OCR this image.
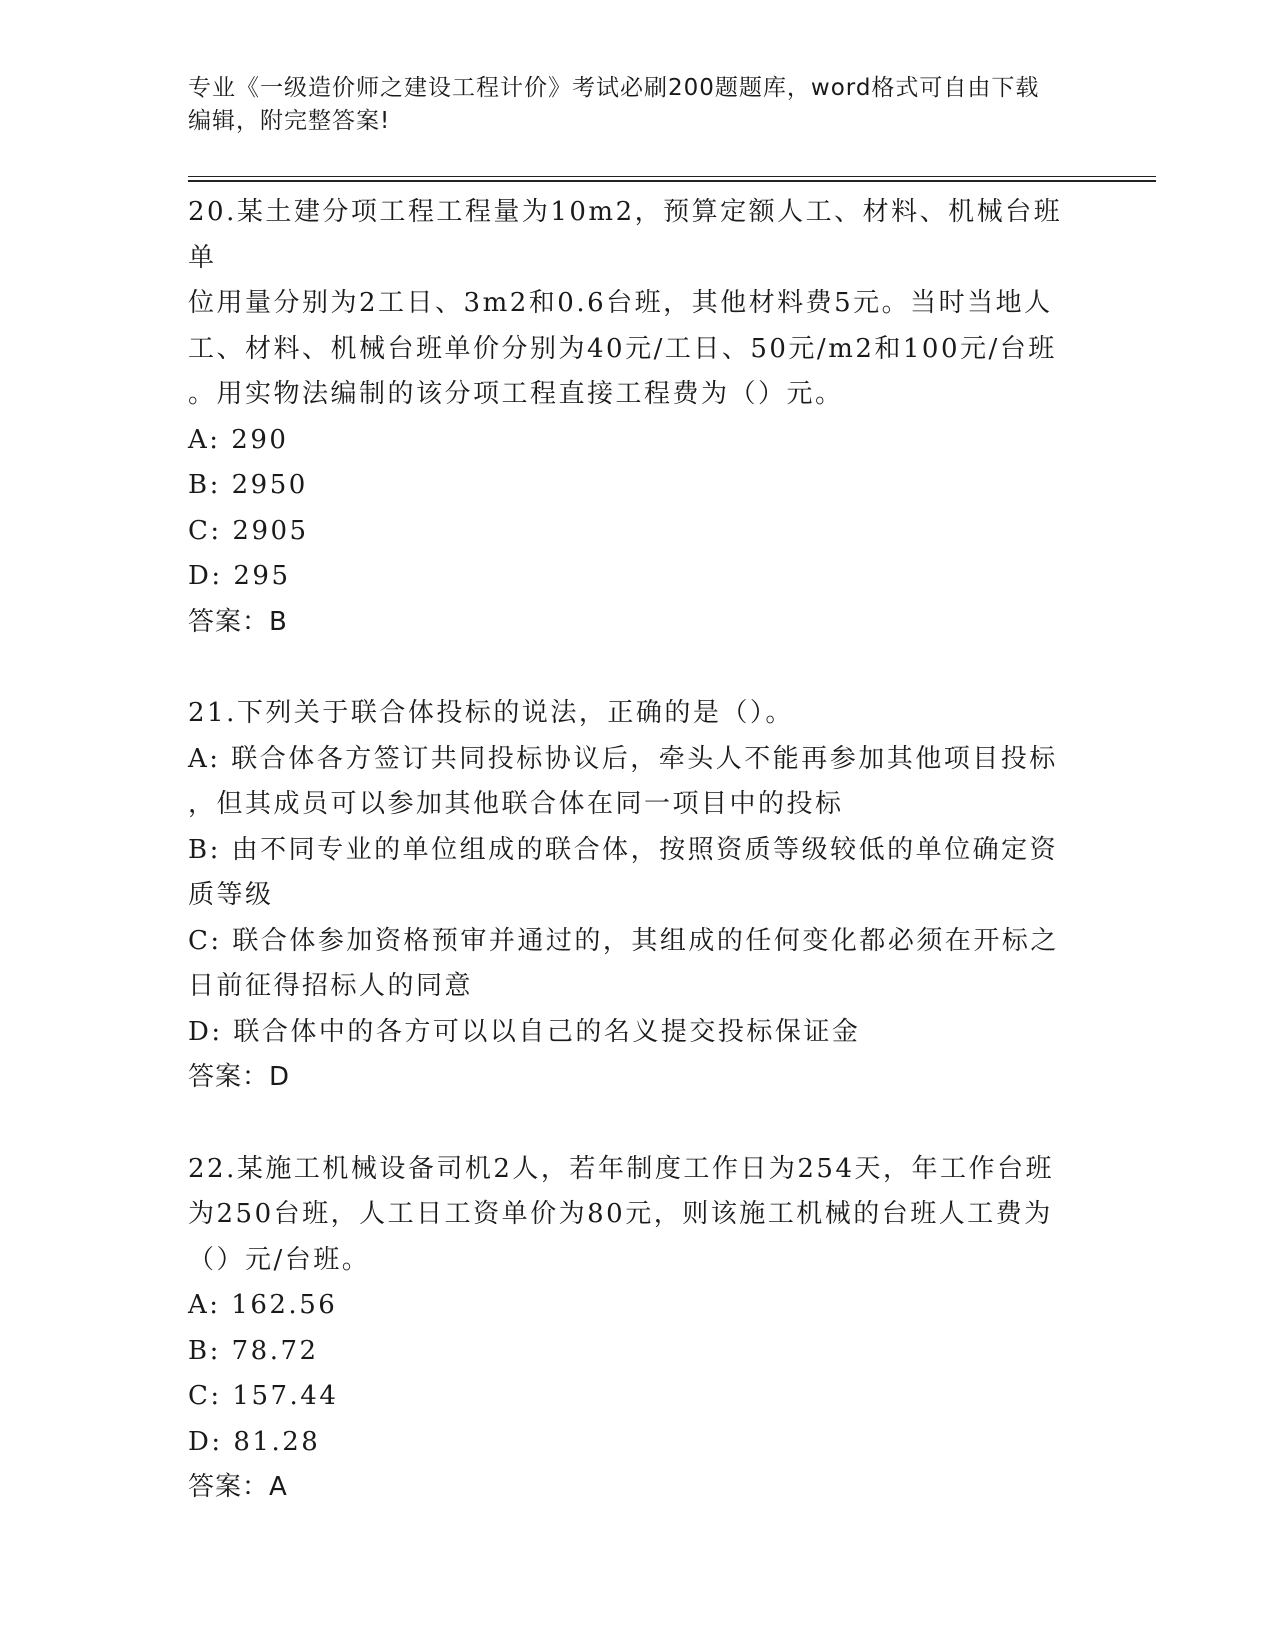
专业《一级造价师之建设工程计价》考试必刷200题题库，word格式可自由下载
编辑，附完整答案!

20.某土建分项工程工程量为10m2，预算定额人工、材料、机械台班单

位用量分别为2工日、3m2和0.6台班，其他材料费5元。当时当地人

工、材料、机械台班单价分别为40元/工日、50元/m2和100元/台班

。用实物法编制的该分项工程直接工程费为（）元。

A: 290

B: 2950

C: 2905

D: 295

答案：B

21.下列关于联合体投标的说法，正确的是（）。

A: 联合体各方签订共同投标协议后，牵头人不能再参加其他项目投标

，但其成员可以参加其他联合体在同一项目中的投标

B: 由不同专业的单位组成的联合体，按照资质等级较低的单位确定资

质等级

C: 联合体参加资格预审并通过的，其组成的任何变化都必须在开标之

日前征得招标人的同意

D: 联合体中的各方可以以自己的名义提交投标保证金

答案：D

22.某施工机械设备司机2人，若年制度工作日为254天，年工作台班

为250台班，人工日工资单价为80元，则该施工机械的台班人工费为

（）元/台班。

A: 162.56

B: 78.72

C: 157.44

D: 81.28

答案：A
